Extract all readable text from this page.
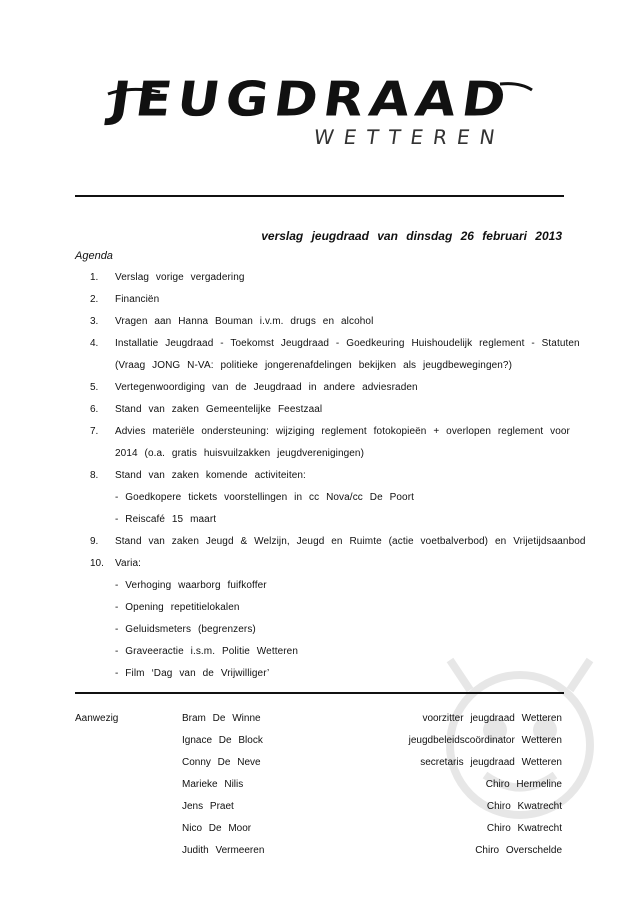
JEUGDRAAD
WETTEREN
verslag jeugdraad van dinsdag 26 februari 2013
Agenda
1. Verslag vorige vergadering
2. Financiën
3. Vragen aan Hanna Bouman i.v.m. drugs en alcohol
4. Installatie Jeugdraad - Toekomst Jeugdraad - Goedkeuring Huishoudelijk reglement - Statuten
(Vraag JONG N-VA: politieke jongerenafdelingen bekijken als jeugdbewegingen?)
5. Vertegenwoordiging van de Jeugdraad in andere adviesraden
6. Stand van zaken Gemeentelijke Feestzaal
7. Advies materiële ondersteuning: wijziging reglement fotokopieën + overlopen reglement voor
2014 (o.a. gratis huisvuilzakken jeugdverenigingen)
8. Stand van zaken komende activiteiten:
- Goedkopere tickets voorstellingen in cc Nova/cc De Poort
- Reiscafé 15 maart
9. Stand van zaken Jeugd & Welzijn, Jeugd en Ruimte (actie voetbalverbod) en Vrijetijdsaanbod
10. Varia:
- Verhoging waarborg fuifkoffer
- Opening repetitielokalen
- Geluidsmeters (begrenzers)
- Graveeractie i.s.m. Politie Wetteren
- Film ‘Dag van de Vrijwilliger’
Aanwezig	Bram De Winne	voorzitter jeugdraad Wetteren
Ignace De Block	jeugdbeleidscoördinator Wetteren
Conny De Neve	secretaris jeugdraad Wetteren
Marieke Nilis	Chiro Hermeline
Jens Praet	Chiro Kwatrecht
Nico De Moor	Chiro Kwatrecht
Judith Vermeeren	Chiro Overschelde
